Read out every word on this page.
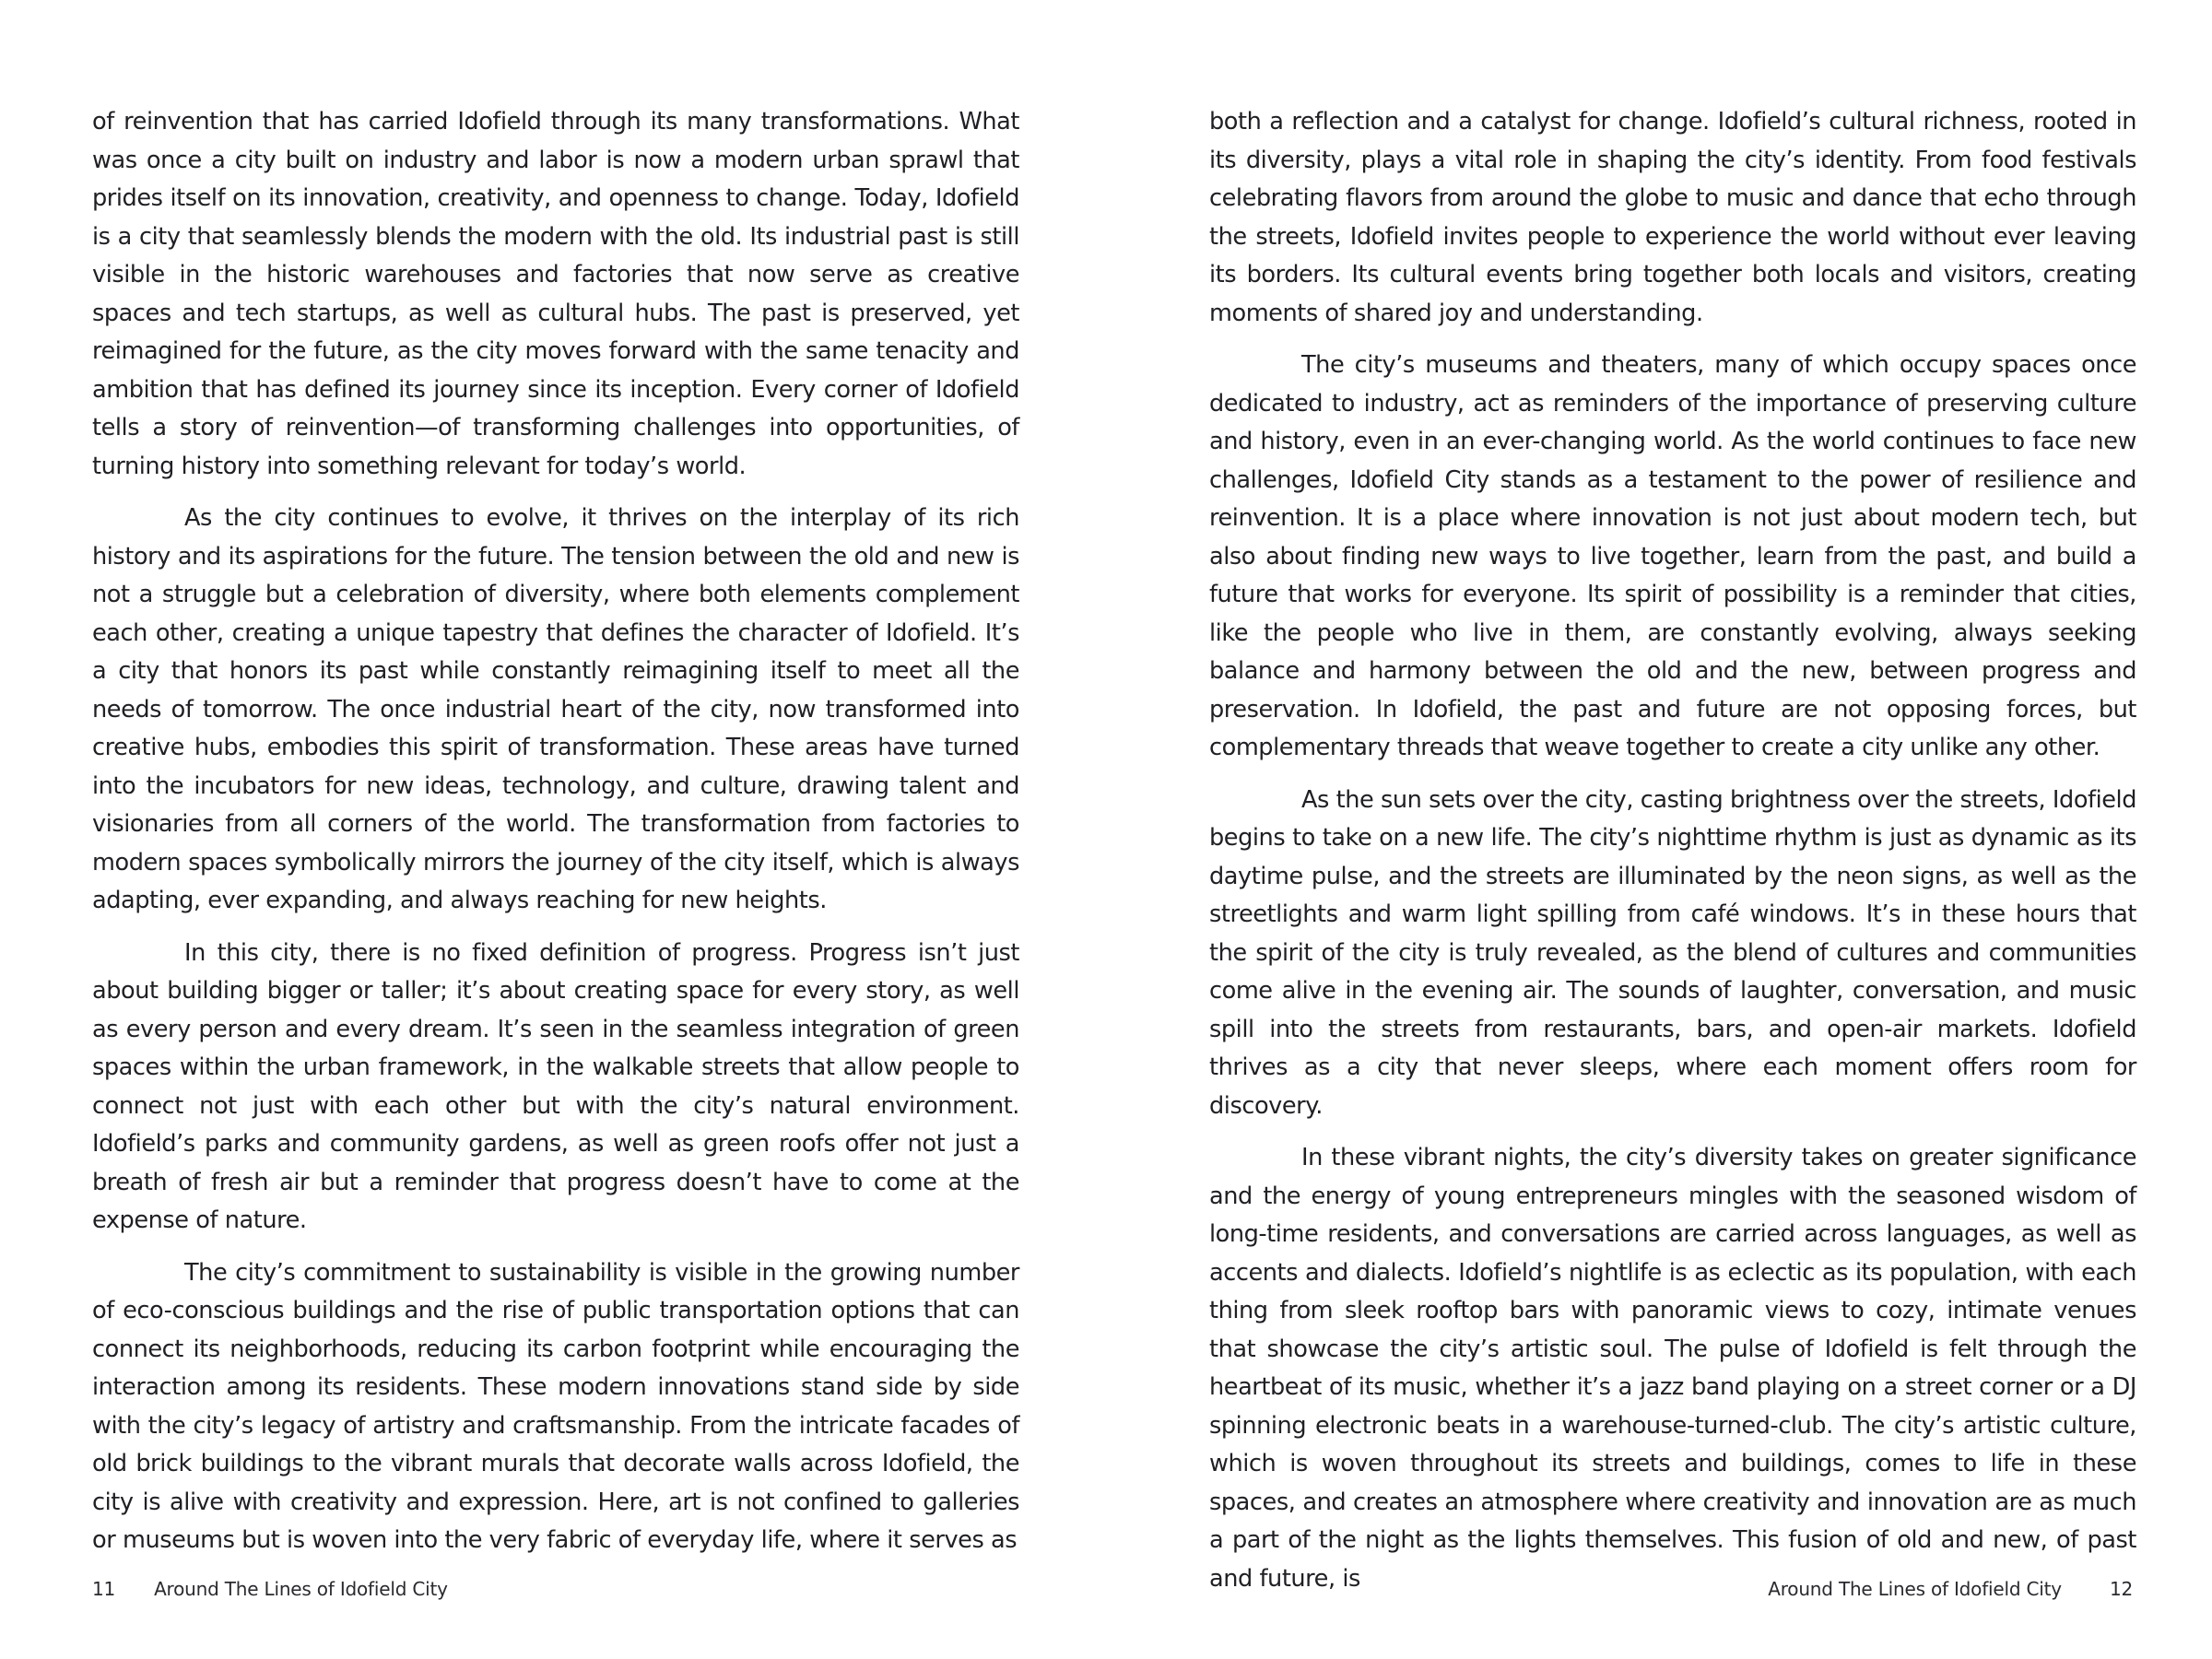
of reinvention that has carried Idofield through its many transformations. What was once a city built on industry and labor is now a modern urban sprawl that prides itself on its innovation, creativity, and openness to change. Today, Idofield is a city that seamlessly blends the modern with the old. Its industrial past is still visible in the historic warehouses and factories that now serve as creative spaces and tech startups, as well as cultural hubs. The past is preserved, yet reimagined for the future, as the city moves forward with the same tenacity and ambition that has defined its journey since its inception. Every corner of Idofield tells a story of reinvention—of transforming challenges into opportunities, of turning history into something relevant for today’s world.

As the city continues to evolve, it thrives on the interplay of its rich history and its aspirations for the future. The tension between the old and new is not a struggle but a celebration of diversity, where both elements complement each other, creating a unique tapestry that defines the character of Idofield. It’s a city that honors its past while constantly reimagining itself to meet all the needs of tomorrow. The once industrial heart of the city, now transformed into creative hubs, embodies this spirit of transformation. These areas have turned into the incubators for new ideas, technology, and culture, drawing talent and visionaries from all corners of the world. The transformation from factories to modern spaces symbolically mirrors the journey of the city itself, which is always adapting, ever expanding, and always reaching for new heights.

In this city, there is no fixed definition of progress. Progress isn’t just about building bigger or taller; it’s about creating space for every story, as well as every person and every dream. It’s seen in the seamless integration of green spaces within the urban framework, in the walkable streets that allow people to connect not just with each other but with the city’s natural environment. Idofield’s parks and community gardens, as well as green roofs offer not just a breath of fresh air but a reminder that progress doesn’t have to come at the expense of nature.

The city’s commitment to sustainability is visible in the growing number of eco-conscious buildings and the rise of public transportation options that can connect its neighborhoods, reducing its carbon footprint while encouraging the interaction among its residents. These modern innovations stand side by side with the city’s legacy of artistry and craftsmanship. From the intricate facades of old brick buildings to the vibrant murals that decorate walls across Idofield, the city is alive with creativity and expression. Here, art is not confined to galleries or museums but is woven into the very fabric of everyday life, where it serves as

11 Around The Lines of Idofield City

both a reflection and a catalyst for change. Idofield’s cultural richness, rooted in its diversity, plays a vital role in shaping the city’s identity. From food festivals celebrating flavors from around the globe to music and dance that echo through the streets, Idofield invites people to experience the world without ever leaving its borders. Its cultural events bring together both locals and visitors, creating moments of shared joy and understanding.

The city’s museums and theaters, many of which occupy spaces once dedicated to industry, act as reminders of the importance of preserving culture and history, even in an ever-changing world. As the world continues to face new challenges, Idofield City stands as a testament to the power of resilience and reinvention. It is a place where innovation is not just about modern tech, but also about finding new ways to live together, learn from the past, and build a future that works for everyone. Its spirit of possibility is a reminder that cities, like the people who live in them, are constantly evolving, always seeking balance and harmony between the old and the new, between progress and preservation. In Idofield, the past and future are not opposing forces, but complementary threads that weave together to create a city unlike any other.

As the sun sets over the city, casting brightness over the streets, Idofield begins to take on a new life. The city’s nighttime rhythm is just as dynamic as its daytime pulse, and the streets are illuminated by the neon signs, as well as the streetlights and warm light spilling from café windows. It’s in these hours that the spirit of the city is truly revealed, as the blend of cultures and communities come alive in the evening air. The sounds of laughter, conversation, and music spill into the streets from restaurants, bars, and open-air markets. Idofield thrives as a city that never sleeps, where each moment offers room for discovery.

In these vibrant nights, the city’s diversity takes on greater significance and the energy of young entrepreneurs mingles with the seasoned wisdom of long-time residents, and conversations are carried across languages, as well as accents and dialects. Idofield’s nightlife is as eclectic as its population, with each thing from sleek rooftop bars with panoramic views to cozy, intimate venues that showcase the city’s artistic soul. The pulse of Idofield is felt through the heartbeat of its music, whether it’s a jazz band playing on a street corner or a DJ spinning electronic beats in a warehouse-turned-club. The city’s artistic culture, which is woven throughout its streets and buildings, comes to life in these spaces, and creates an atmosphere where creativity and innovation are as much a part of the night as the lights themselves. This fusion of old and new, of past and future, is	Around The Lines of Idofield City	12
